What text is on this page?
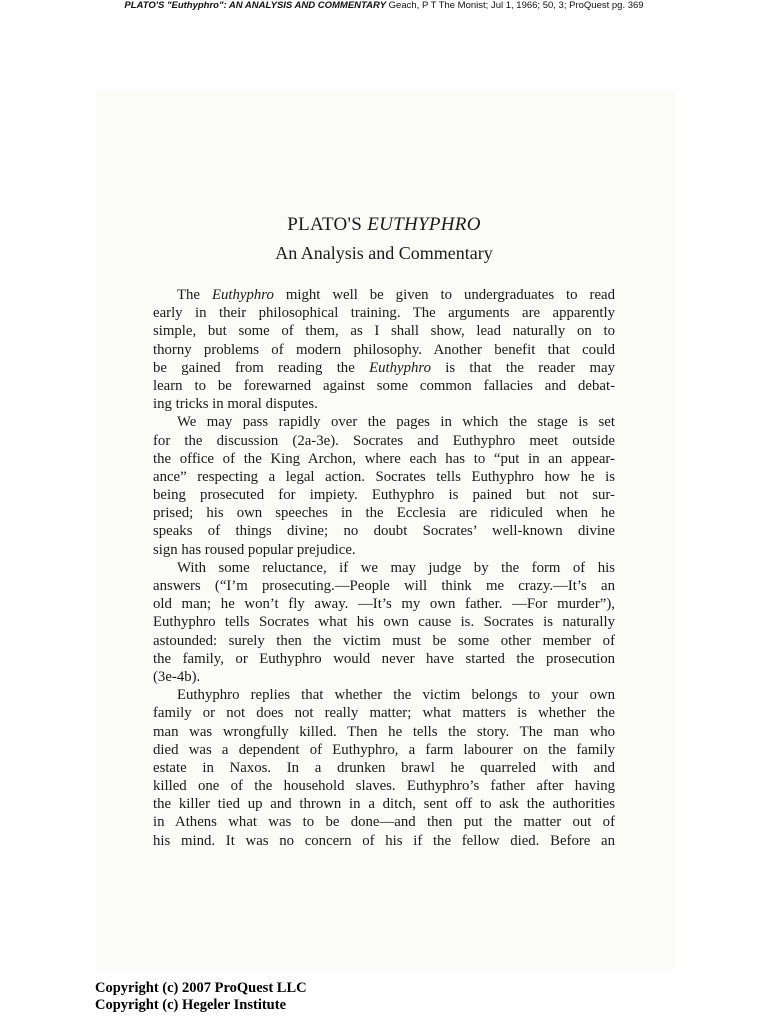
PLATO'S "Euthyphro": AN ANALYSIS AND COMMENTARY Geach, P T The Monist; Jul 1, 1966; 50, 3; ProQuest pg. 369
PLATO'S EUTHYPHRO
An Analysis and Commentary
The Euthyphro might well be given to undergraduates to read
early in their philosophical training. The arguments are apparently
simple, but some of them, as I shall show, lead naturally on to
thorny problems of modern philosophy. Another benefit that could
be gained from reading the Euthyphro is that the reader may
learn to be forewarned against some common fallacies and debat-
ing tricks in moral disputes.
We may pass rapidly over the pages in which the stage is set
for the discussion (2a-3e). Socrates and Euthyphro meet outside
the office of the King Archon, where each has to “put in an appear-
ance” respecting a legal action. Socrates tells Euthyphro how he is
being prosecuted for impiety. Euthyphro is pained but not sur-
prised; his own speeches in the Ecclesia are ridiculed when he
speaks of things divine; no doubt Socrates’ well-known divine
sign has roused popular prejudice.
With some reluctance, if we may judge by the form of his
answers (“I’m prosecuting.—People will think me crazy.—It’s an
old man; he won’t fly away. —It’s my own father. —For murder”),
Euthyphro tells Socrates what his own cause is. Socrates is naturally
astounded: surely then the victim must be some other member of
the family, or Euthyphro would never have started the prosecution
(3e-4b).
Euthyphro replies that whether the victim belongs to your own
family or not does not really matter; what matters is whether the
man was wrongfully killed. Then he tells the story. The man who
died was a dependent of Euthyphro, a farm labourer on the family
estate in Naxos. In a drunken brawl he quarreled with and
killed one of the household slaves. Euthyphro’s father after having
the killer tied up and thrown in a ditch, sent off to ask the authorities
in Athens what was to be done—and then put the matter out of
his mind. It was no concern of his if the fellow died. Before an
Copyright (c) 2007 ProQuest LLC
Copyright (c) Hegeler Institute
